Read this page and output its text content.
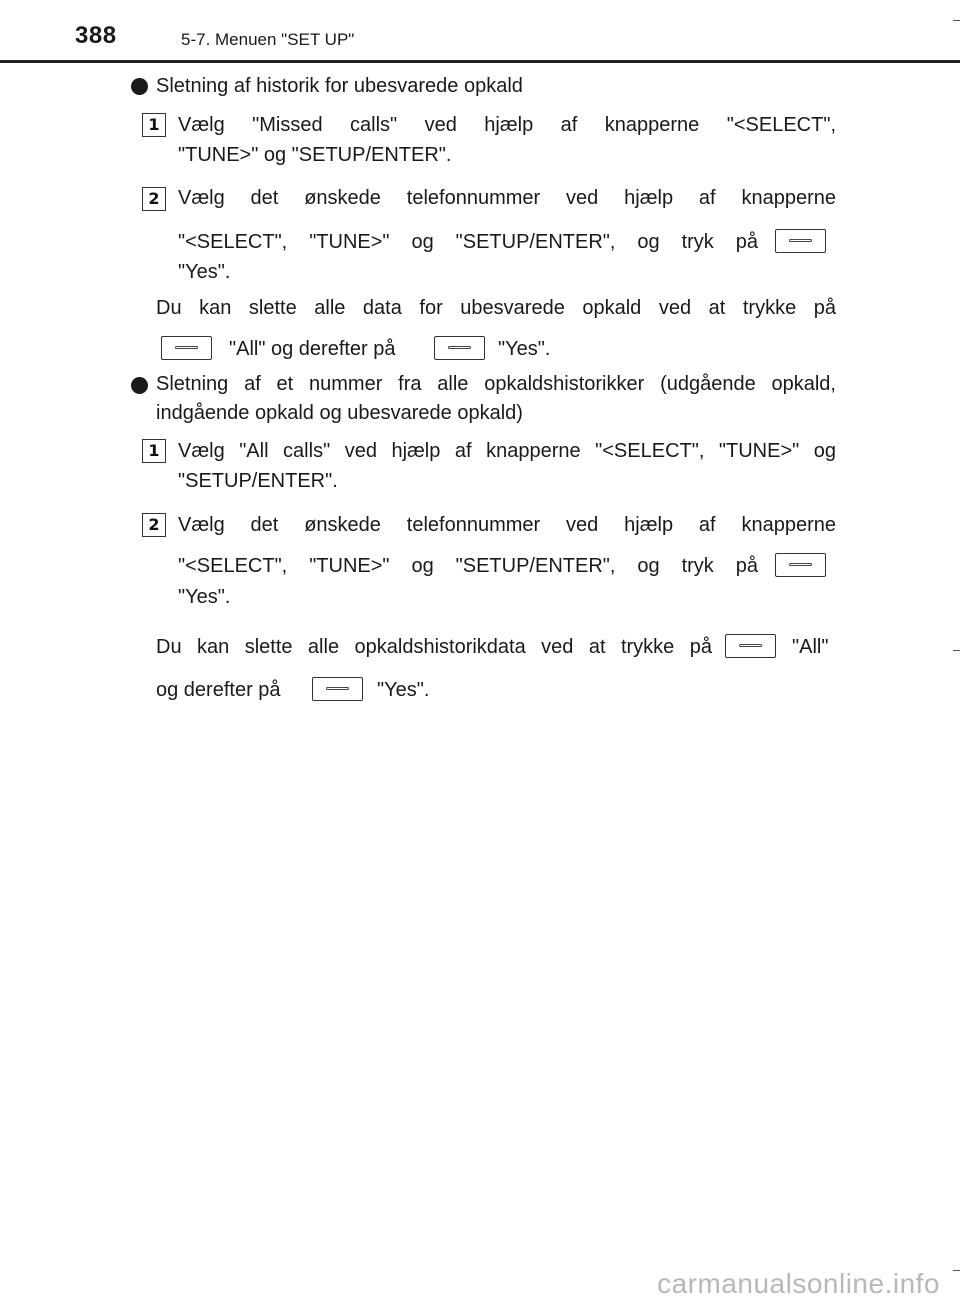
388	5-7. Menuen "SET UP"
Sletning af historik for ubesvarede opkald
1 Vælg "Missed calls" ved hjælp af knapperne "<SELECT",
"TUNE>" og "SETUP/ENTER".
2 Vælg det ønskede telefonnummer ved hjælp af knapperne
"<SELECT", "TUNE>" og "SETUP/ENTER", og tryk på
"Yes".
Du kan slette alle data for ubesvarede opkald ved at trykke på
"All" og derefter på	"Yes".
Sletning af et nummer fra alle opkaldshistorikker (udgående opkald,
indgående opkald og ubesvarede opkald)
1 Vælg "All calls" ved hjælp af knapperne "<SELECT", "TUNE>" og
"SETUP/ENTER".
2 Vælg det ønskede telefonnummer ved hjælp af knapperne
"<SELECT", "TUNE>" og "SETUP/ENTER", og tryk på
"Yes".
Du kan slette alle opkaldshistorikdata ved at trykke på	"All"
og derefter på	"Yes".
carmanualsonline.info
